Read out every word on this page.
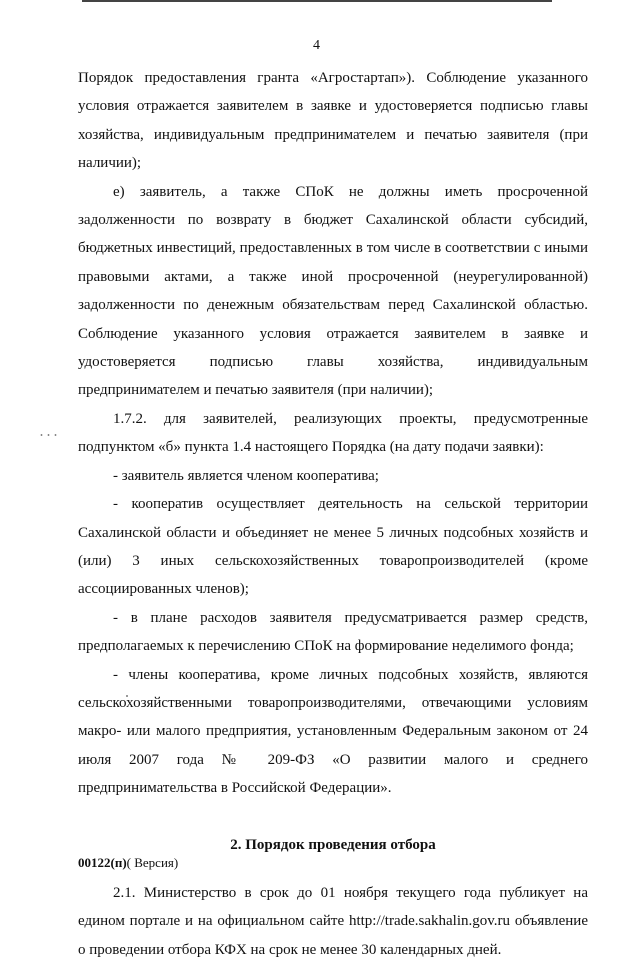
4

Порядок предоставления гранта «Агростартап»). Соблюдение указанного условия отражается заявителем в заявке и удостоверяется подписью главы хозяйства, индивидуальным предпринимателем и печатью заявителя (при наличии);

е) заявитель, а также СПоК не должны иметь просроченной задолженности по возврату в бюджет Сахалинской области субсидий, бюджетных инвестиций, предоставленных в том числе в соответствии с иными правовыми актами, а также иной просроченной (неурегулированной) задолженности по денежным обязательствам перед Сахалинской областью. Соблюдение указанного условия отражается заявителем в заявке и удостоверяется подписью главы хозяйства, индивидуальным предпринимателем и печатью заявителя (при наличии);

1.7.2. для заявителей, реализующих проекты, предусмотренные подпунктом «б» пункта 1.4 настоящего Порядка (на дату подачи заявки):

- заявитель является членом кооператива;

- кооператив осуществляет деятельность на сельской территории Сахалинской области и объединяет не менее 5 личных подсобных хозяйств и (или) 3 иных сельскохозяйственных товаропроизводителей (кроме ассоциированных членов);

- в плане расходов заявителя предусматривается размер средств, предполагаемых к перечислению СПоК на формирование неделимого фонда;

- члены кооператива, кроме личных подсобных хозяйств, являются сельскохозяйственными товаропроизводителями, отвечающими условиям макро- или малого предприятия, установленным Федеральным законом от 24 июля 2007 года № 209-ФЗ «О развитии малого и среднего предпринимательства в Российской Федерации».

2. Порядок проведения отбора

2.1. Министерство в срок до 01 ноября текущего года публикует на едином портале и на официальном сайте http://trade.sakhalin.gov.ru объявление о проведении отбора КФХ на срок не менее 30 календарных дней.

00122(п)( Версия)
